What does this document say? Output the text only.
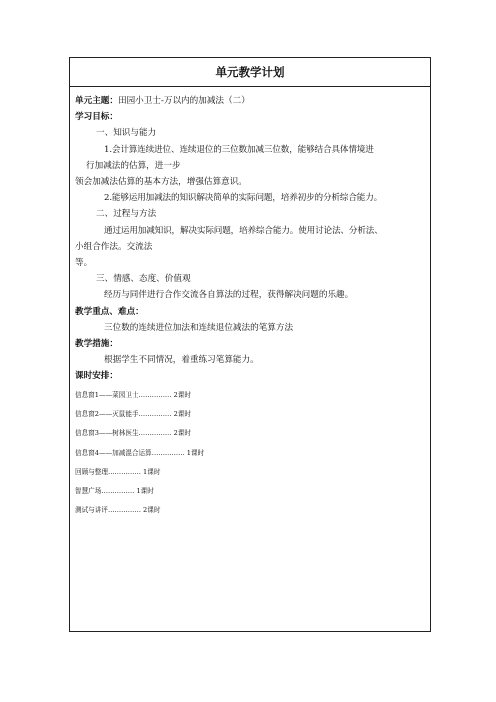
单元教学计划
单元主题：田园小卫士-万以内的加减法（二）
学习目标：
一、知识与能力
1.会计算连续进位、连续退位的三位数加减三位数，能够结合具体情境进
行加减法的估算，进一步
领会加减法估算的基本方法，增强估算意识。
2.能够运用加减法的知识解决简单的实际问题，培养初步的分析综合能力。
二、过程与方法
通过运用加减知识，解决实际问题，培养综合能力。使用讨论法、分析法、
小组合作法。交流法
等。
三、情感、态度、价值观
经历与同伴进行合作交流各自算法的过程，获得解决问题的乐趣。
教学重点、难点：
三位数的连续进位加法和连续退位减法的笔算方法
教学措施：
根据学生不同情况，着重练习笔算能力。
课时安排：
信息窗1——菜园卫士…………… 2课时
信息窗2——灭鼠能手…………… 2课时
信息窗3——树林医生…………… 2课时
信息窗4——加减混合运算…………… 1课时
回顾与整理…………… 1课时
智慧广场…………… 1课时
测试与讲评…………… 2课时
